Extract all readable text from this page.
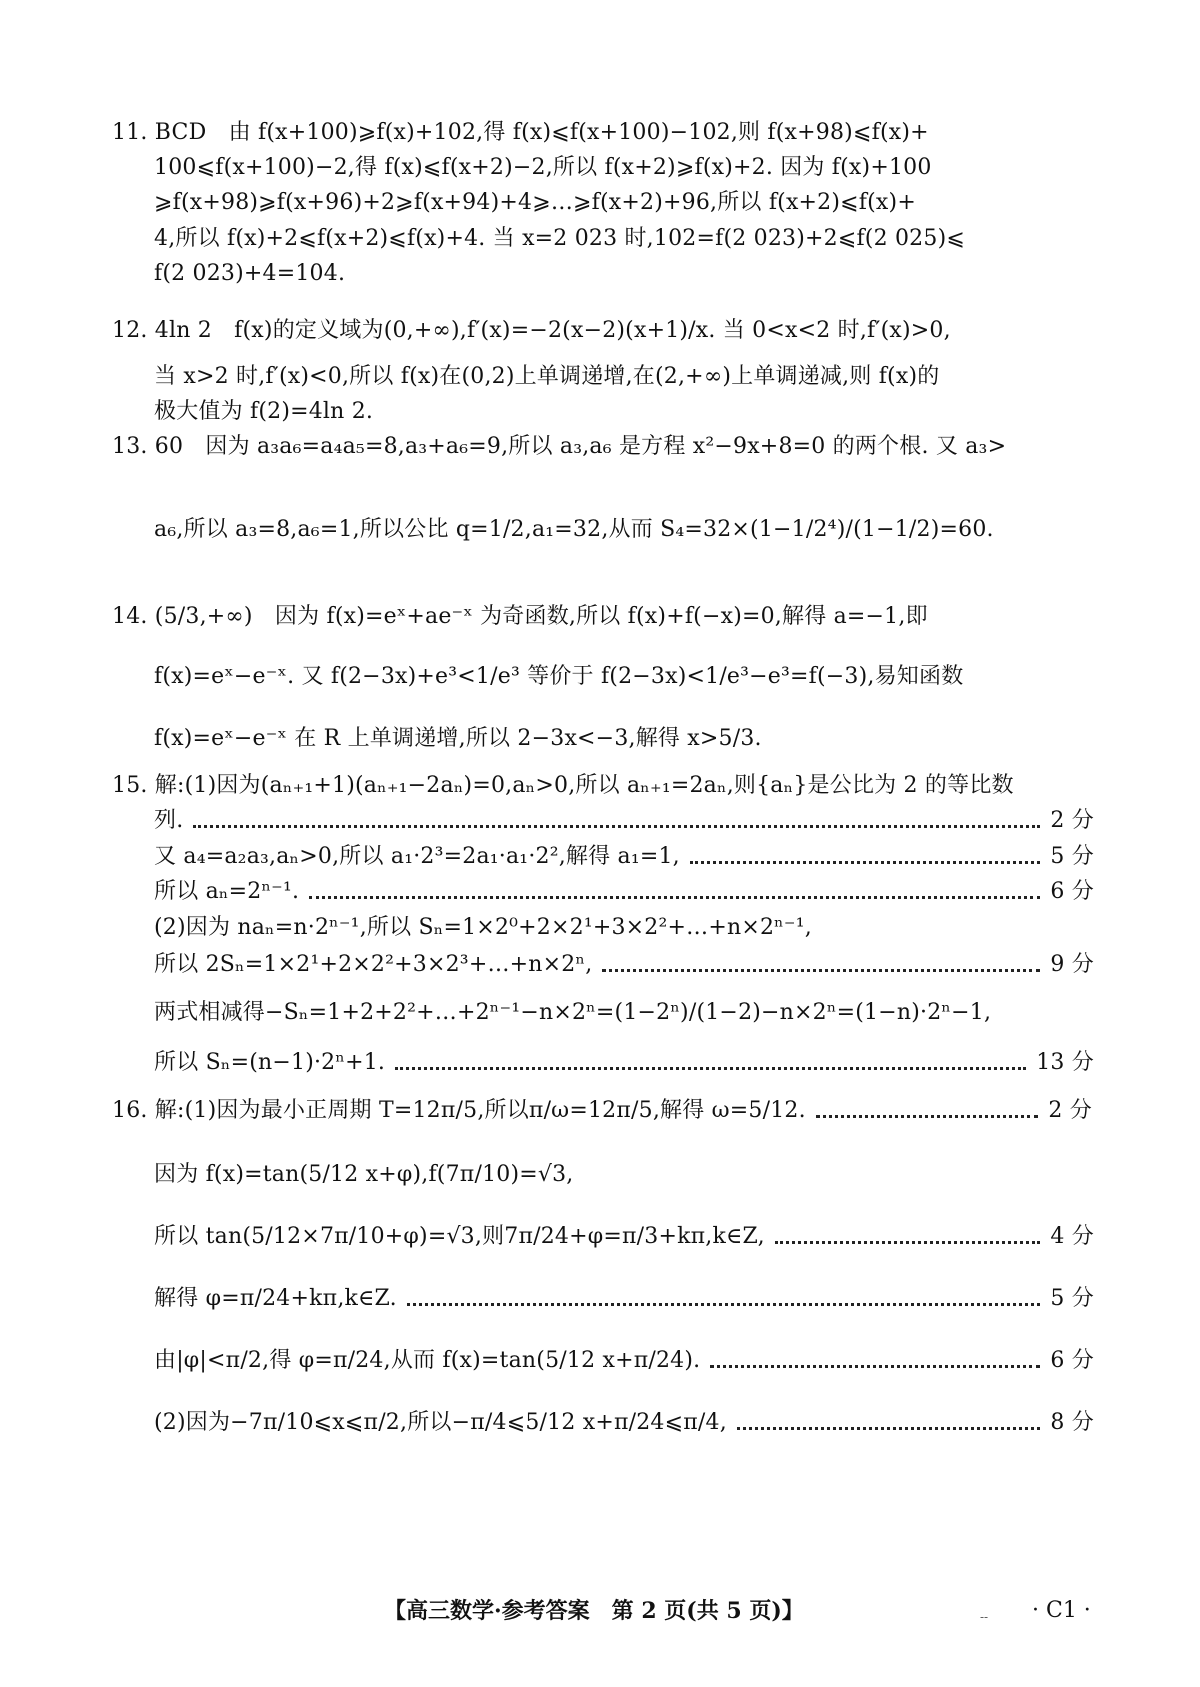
11. BCD　由 f(x+100)⩾f(x)+102,得 f(x)⩽f(x+100)−102,则 f(x+98)⩽f(x)+
100⩽f(x+100)−2,得 f(x)⩽f(x+2)−2,所以 f(x+2)⩾f(x)+2. 因为 f(x)+100
⩾f(x+98)⩾f(x+96)+2⩾f(x+94)+4⩾…⩾f(x+2)+96,所以 f(x+2)⩽f(x)+
4,所以 f(x)+2⩽f(x+2)⩽f(x)+4. 当 x=2 023 时,102=f(2 023)+2⩽f(2 025)⩽
f(2 023)+4=104.
12. 4ln 2　f(x)的定义域为(0,+∞),f′(x)=−2(x−2)(x+1)/x. 当 0<x<2 时,f′(x)>0,
当 x>2 时,f′(x)<0,所以 f(x)在(0,2)上单调递增,在(2,+∞)上单调递减,则 f(x)的
极大值为 f(2)=4ln 2.
13. 60　因为 a₃a₆=a₄a₅=8,a₃+a₆=9,所以 a₃,a₆ 是方程 x²−9x+8=0 的两个根. 又 a₃>
a₆,所以 a₃=8,a₆=1,所以公比 q=1/2,a₁=32,从而 S₄=32×(1−1/2⁴)/(1−1/2)=60.
14. (5/3,+∞)　因为 f(x)=eˣ+ae⁻ˣ 为奇函数,所以 f(x)+f(−x)=0,解得 a=−1,即
f(x)=eˣ−e⁻ˣ. 又 f(2−3x)+e³<1/e³ 等价于 f(2−3x)<1/e³−e³=f(−3),易知函数
f(x)=eˣ−e⁻ˣ 在 R 上单调递增,所以 2−3x<−3,解得 x>5/3.
15. 解:(1)因为(aₙ₊₁+1)(aₙ₊₁−2aₙ)=0,aₙ>0,所以 aₙ₊₁=2aₙ,则{aₙ}是公比为 2 的等比数
列.	2 分
又 a₄=a₂a₃,aₙ>0,所以 a₁·2³=2a₁·a₁·2²,解得 a₁=1,	5 分
所以 aₙ=2ⁿ⁻¹.	6 分
(2)因为 naₙ=n·2ⁿ⁻¹,所以 Sₙ=1×2⁰+2×2¹+3×2²+…+n×2ⁿ⁻¹,
所以 2Sₙ=1×2¹+2×2²+3×2³+…+n×2ⁿ,	9 分
两式相减得−Sₙ=1+2+2²+…+2ⁿ⁻¹−n×2ⁿ=(1−2ⁿ)/(1−2)−n×2ⁿ=(1−n)·2ⁿ−1,
所以 Sₙ=(n−1)·2ⁿ+1.	13 分
16. 解:(1)因为最小正周期 T=12π/5,所以π/ω=12π/5,解得 ω=5/12.	2 分
因为 f(x)=tan(5/12 x+φ),f(7π/10)=√3,
所以 tan(5/12×7π/10+φ)=√3,则7π/24+φ=π/3+kπ,k∈Z,	4 分
解得 φ=π/24+kπ,k∈Z.	5 分
由|φ|<π/2,得 φ=π/24,从而 f(x)=tan(5/12 x+π/24).	6 分
(2)因为−7π/10⩽x⩽π/2,所以−π/4⩽5/12 x+π/24⩽π/4,	8 分
【高三数学·参考答案　第 2 页(共 5 页)】	-- · C1 ·
